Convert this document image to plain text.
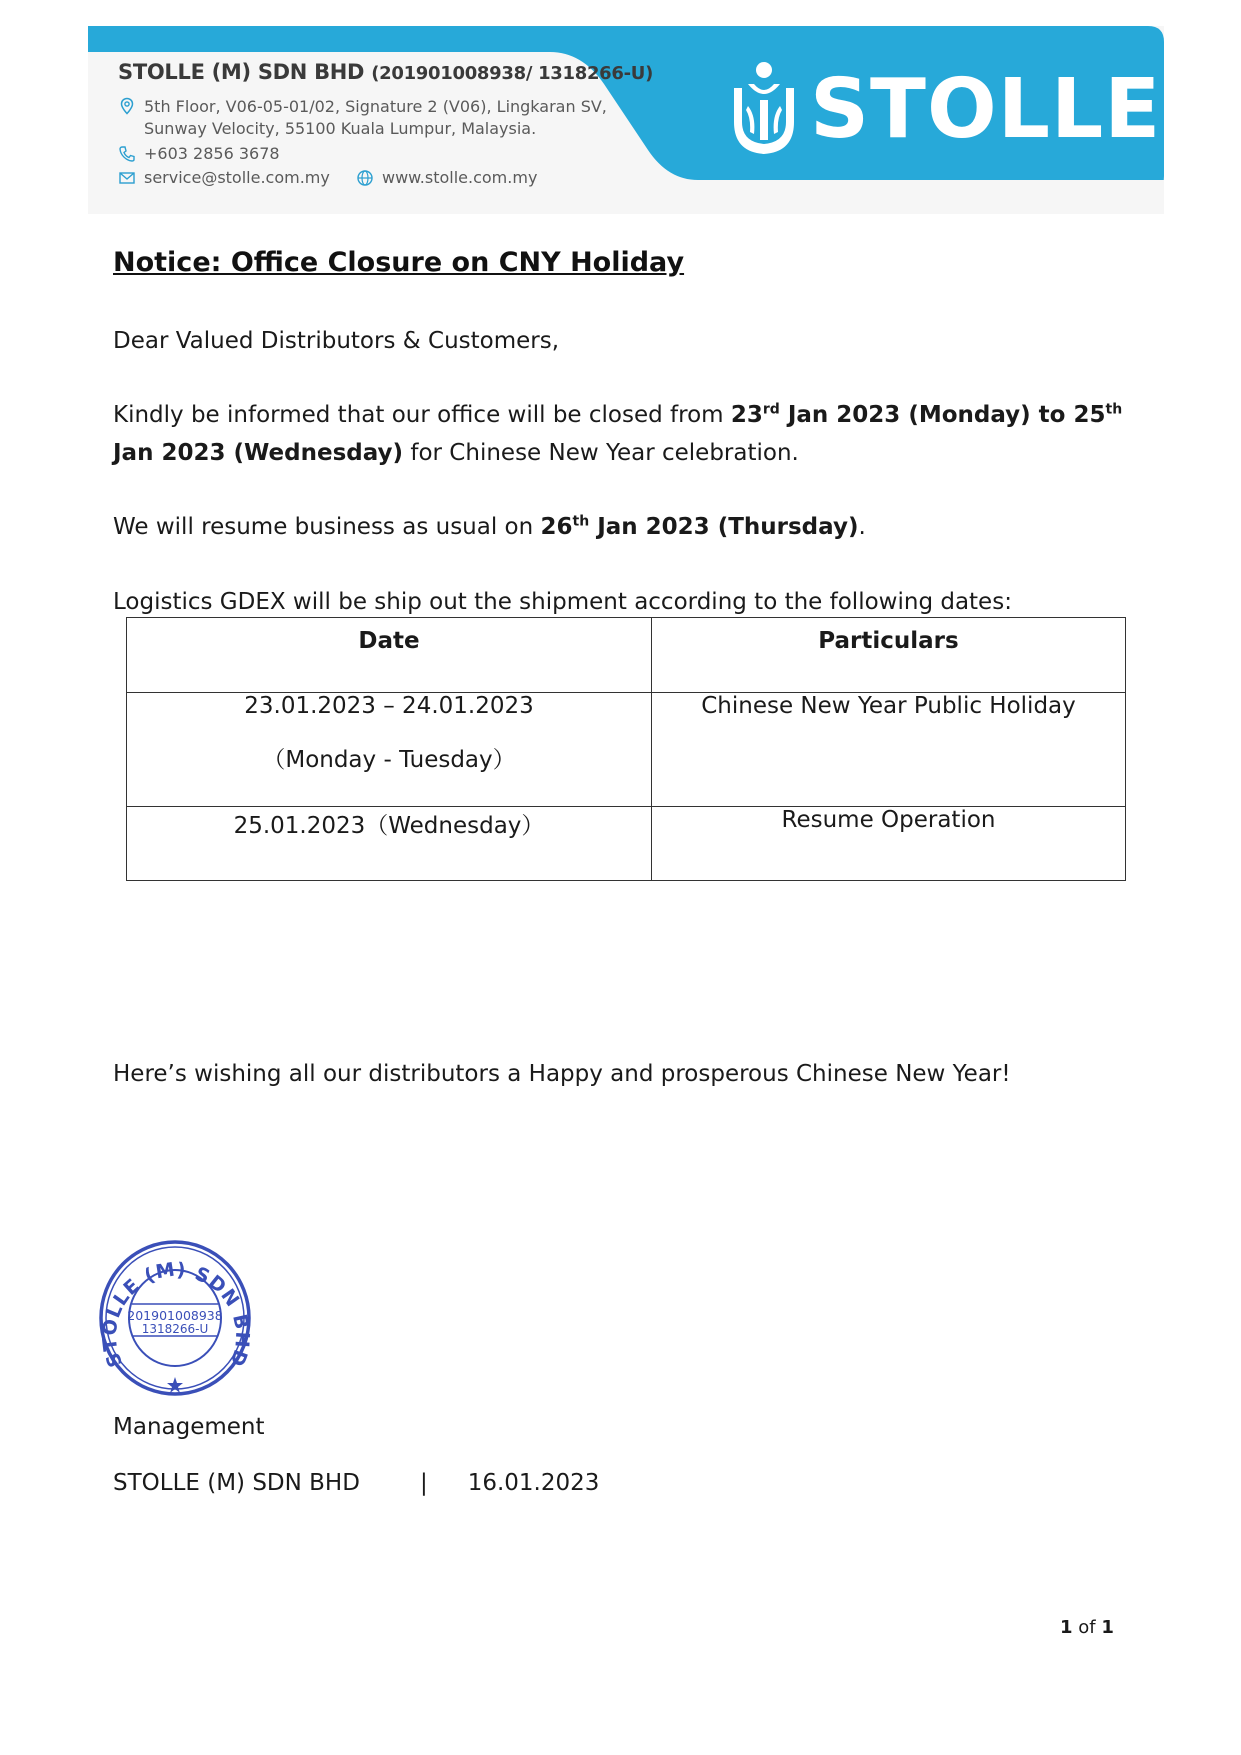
STOLLE (M) SDN BHD (201901008938/ 1318266-U)
5th Floor, V06-05-01/02, Signature 2 (V06), Lingkaran SV,
Sunway Velocity, 55100 Kuala Lumpur, Malaysia.
+603 2856 3678
service@stolle.com.my	www.stolle.com.my
STOLLE
Notice: Office Closure on CNY Holiday
Dear Valued Distributors & Customers,
Kindly be informed that our office will be closed from 23rd Jan 2023 (Monday) to 25th
Jan 2023 (Wednesday) for Chinese New Year celebration.
We will resume business as usual on 26th Jan 2023 (Thursday).
Logistics GDEX will be ship out the shipment according to the following dates:
Date	Particulars
23.01.2023 – 24.01.2023
（Monday - Tuesday）	Chinese New Year Public Holiday
25.01.2023（Wednesday）	Resume Operation
Here’s wishing all our distributors a Happy and prosperous Chinese New Year!
STOLLE (M) SDN BHD
201901008938
1318266-U
Management
STOLLE (M) SDN BHD	| 16.01.2023
1 of 1
